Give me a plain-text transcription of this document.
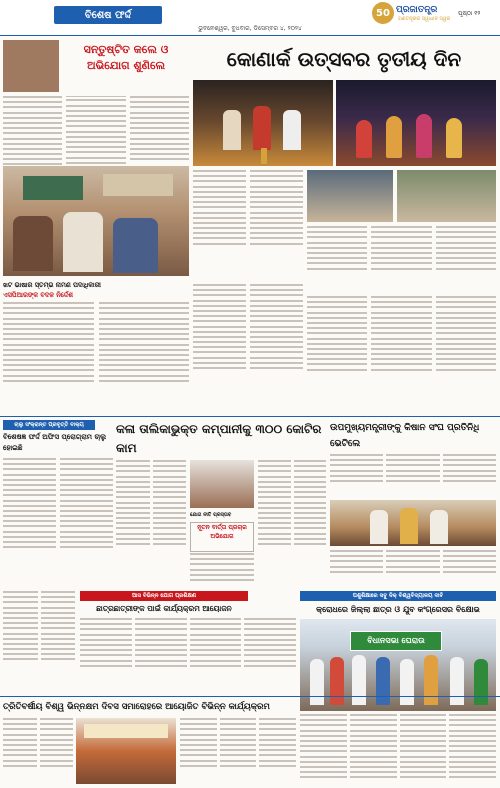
ବିଶେଷ ଫର୍ଦ୍ଦ
ଭୁବନେଶ୍ୱର, ବୁଧବାର, ଡିସେମ୍ବର ୪, ୨୦୨୪
50 ପ୍ରଜାତନ୍ତ୍ର
ଗଣତନ୍ତ୍ରର ସ୍ୱାଧୀନ ସ୍ୱର
ପୃଷ୍ଠା ୧୨
ସନ୍ତୁଷ୍ଟିତ କଲେ ଓ ଅଭିଯୋଗ ଶୁଣିଲେ
ଖଟ ଭାଷାର ସ୍ତମ୍ଭ ନାମଣ ପଦାଧିକାରୀ
ଏସପିଆରଙ୍କ ବଦଳ ନିର୍ଦ୍ଦେଶ
କୋଣାର୍କ ଉତ୍ସବର ତୃତୀୟ ଦିନ
ଚାଲୁ ସଂକ୍ରାନ୍ତ ପ୍ରବୃତ୍ତି ବାକ୍ୟ
ବିଶେଷଜ୍ଞ ଫର୍ଦ୍ଦ ଅଫିସ ପ୍ରୋଗ୍ରାମ ଚାଲୁ ହୋଇଛି
କଳା ତାଲିକାଭୁକ୍ତ କମ୍ପାନୀକୁ ୩୦୦ କୋଟିର କାମ
ଯୋଗ ନୀତି ପ୍ରସ୍ତାବ
ନୂତନ ବାର୍ତ୍ତା ପ୍ରଚାର ଅଭିଯୋଗ
ଉପମୁଖ୍ୟମନ୍ତ୍ରୀଙ୍କୁ କିଷାନ ସଂଘ ପ୍ରତିନିଧି ଭେଟିଲେ
ଆସ ବିଭିନ୍ନ ଯୋଗ ପ୍ରଶିକ୍ଷଣ
ଛାତ୍ରଛାତ୍ରୀଙ୍କ ପାଇଁ କାର୍ଯ୍ୟକ୍ରମ ଆୟୋଜନ
ପଶୁଶିକ୍ଷାରେ ସବୁ ଦିକ୍ ବିଶ୍ୱବିଦ୍ୟାଳୟ ଦାବି
କ୍ରୋଧରେ ଜିଲ୍ଲା ଛାତ୍ର ଓ ଯୁବ କଂଗ୍ରେସର ବିକ୍ଷୋଭ
ବିଧାନସଭା ଘେରାଉ
ତ୍ରିତିବର୍ଷୀୟ ବିଶ୍ୱ ଭିନ୍ନକ୍ଷମ ଦିବସ ସମାରୋହରେ ଆୟୋଜିତ ବିଭିନ୍ନ କାର୍ଯ୍ୟକ୍ରମ
